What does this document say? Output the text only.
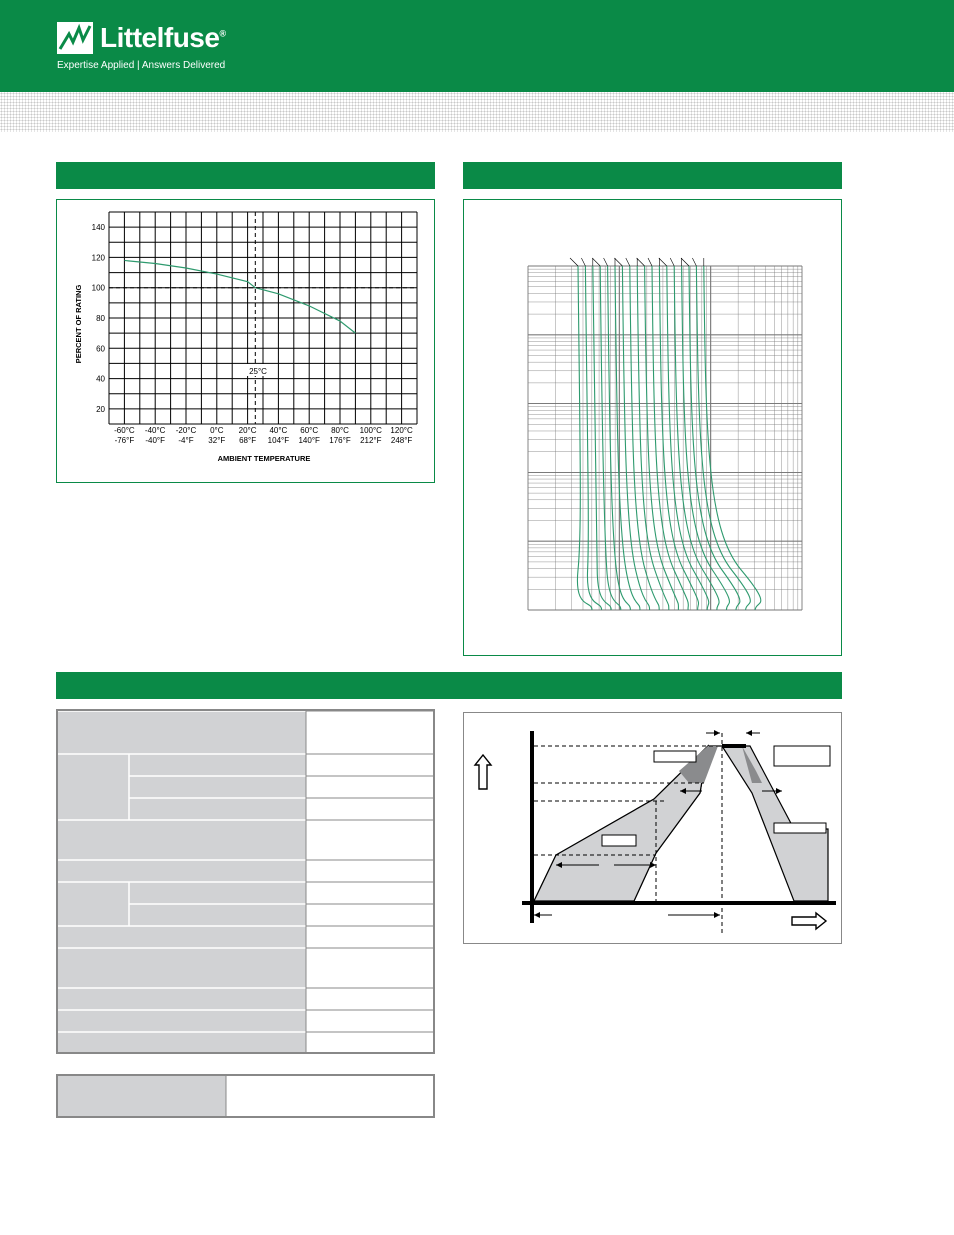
Littelfuse®
Expertise Applied | Answers Delivered
25°C
140
120
100
80
60
40
20
-60°C
-76°F
-40°C
-40°F
-20°C
-4°F
0°C
32°F
20°C
68°F
40°C
104°F
60°C
140°F
80°C
176°F
100°C
212°F
120°C
248°F
PERCENT OF RATING
AMBIENT TEMPERATURE
